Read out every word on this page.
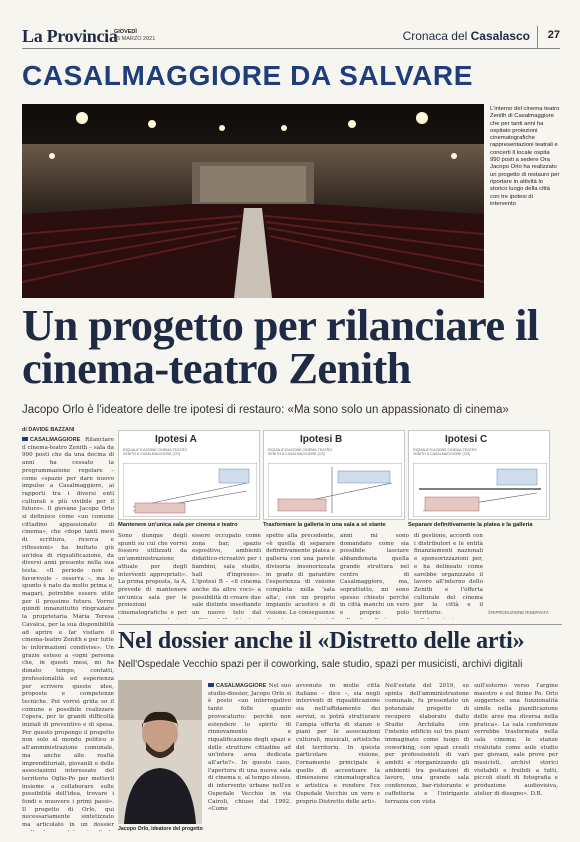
La Provincia
GIOVEDÌ
25 MARZO 2021	Cronaca del Casalasco	27
CASALMAGGIORE DA SALVARE
L'interno del cinema teatro Zenith di Casalmaggiore che per tanti anni ha ospitato proiezioni cinematografiche rappresentazioni teatrali e concerti Il locale ospita 990 posti a sedere Ora Jacopo Orlo ha realizzato un progetto di restauro per riportare in attività lo storico luogo della città con tre ipotesi di intervento
Un progetto per rilanciare il cinema-teatro Zenith
Jacopo Orlo è l'ideatore delle tre ipotesi di restauro: «Ma sono solo un appassionato di cinema»
di DAVIDE BAZZANI
CASALMAGGIORE Rilanciare il cinema-teatro Zenith – sala da 990 posti che da una decina di anni ha cessato la programmazione regolare – come «spazio per dare nuovo impulso a Casalmaggiore, ai rapporti tra i diversi enti culturali e più vivibile per il futuro». Il giovane Jacopo Orlo si definisce come «un comune cittadino appassionato di cinema», che «dopo tanti mesi di scrittura, ricerca e riflessioni» ha buttato giù un'idea di riqualificazione, da diversi anni presente nella sua testa. «Il periodo non è favorevole – osserva –, ma lo spunto è nato da molto prima e, magari, potrebbe essere utile per il prossimo futuro. Vorrei quindi innanzitutto ringraziare la proprietaria Maria Teresa Cavalca, per la sua disponibilità ad aprire e far visitare il cinema-teatro Zenith e per tutte le informazioni condivise». Un grazie esteso a «ogni persona che, in questi mesi, mi ha donato tempo, contatti, professionalità ed esperienza per scrivere queste idee, proposte e competenze tecniche. Poi vorrei grida so il comune e possibile realizzare l'opera, per le grandi difficoltà iniziali di preventivo e di spesa. Per questo propongo il progetto non solo al mondo politico e all'amministrazione comunale, ma anche alle realtà imprenditoriali, giovanili e delle associazioni interessate del territorio Oglio-Po per metterli insieme a collaborare sulle possibilità dell'idea, trovare i fondi e muovere i primi passi». Il progetto di Orlo, qui necessariamente sintetizzato ma articolato in un dossier
Ipotesi A
RIQUALIFICAZIONE CINEMA-TEATRO ZENITH A CASALMAGGIORE (CR)
Ipotesi B
RIQUALIFICAZIONE CINEMA-TEATRO ZENITH A CASALMAGGIORE (CR)
Ipotesi C
RIQUALIFICAZIONE CINEMA-TEATRO ZENITH A CASALMAGGIORE (CR)
Mantenere un'unica sala per cinema e teatro	Trasformare la galleria in una sala a sé stante	Separare definitivamente la platea e la galleria
Sono dunque degli spunti su cui che vorrei fossero utilizzati da un'amministrazione attuale per degli interventi appropriati». La prima proposta, la A, prevede di mantenere un'unica sala per le proiezioni cinematografiche e per
essere occupato come zona bar, spazio espositivo, ambienti didattico-ricreativi per i bambini, sala studio, hall d'ingresso». L'ipotesi B – «il cinema anche da altre voci» a possibilità di creare due sale distinte insediando un nuovo telo dal
spetto alla precedente, «è quella di separare definitivamente platea e galleria con una parete divisoria insonorizzata in grado di garantire l'esperienza di visione completa nella 'sala alta', con un proprio impianto acustico e di visione. Le conseguenze
anni mi sono domandato come sia possibile lasciare abbandonata quella grande struttura nel centro di Casalmaggiore, ma, soprattutto, mi sono spesso chiesto perché in città manchi un vero e proprio polo
di gestione, accordi con i distributori e le entità finanziamenti nazionali e sponsorizzazioni per, e ha delineato come sarebbe organizzato il lavoro all'interno dello Zenith e l'offerta culturale del cinema per la città e il territorio:	©RIPRODUZIONE RISERVATA
Nel dossier anche il «Distretto delle arti»
Nell'Ospedale Vecchio spazi per il coworking, sale studio, spazi per musicisti, archivi digitali
Jacopo Orlo, ideatore del progetto
CASALMAGGIORE Nel suo studio-dossier, Jacopo Orlo si è posto «un interrogativo tanto folle quanto provocatorio: perché non estendere lo spirito di rinnovamento e riqualificazione degli spazi e delle strutture cittadine ad un'intera area dedicata all'arte?». In questo caso, l'apertura di una nuova sala di cinema e, al tempo stesso, di intervento urbane nell'ex Ospedale Vecchio in via Cairoli, chiuso dal 1992. «Come
avvenuto in molte città italiane – dice –, sia negli interventi di riqualificazione sia nell'affidamento dei servizi, si potrà strutturare l'ampia offerta di stanze e piani per le associazioni culturali, musicali, artistiche del territorio. In questa particolare visione, l'ornamento principale è quello di accentuare la dimensione cinematografica e artistica e rendere l'ex Ospedale Vecchio un vero e proprio Distretto delle arti».
Nell'estate del 2019, su spinta dell'amministrazione comunale, fu presentato un potenziale progetto di recupero elaborato dallo Studio Archilabs con l'intento edificio sul tre piani immaginato come luogo di coworking, con spazi creati per professionisti di vari ambiti e riorganizzando gli ambienti tra postazioni di lavoro, una grande sala conferenze, bar-ristorante e caffetteria e l'intrigante terrazza con vista
sull'esterno verso l'argine maestro e sul fiume Po. Orlo suggerisce una funzionalità simile nella pianificazione delle aree ma diversa nella pratica». La sala conferenze verrebbe trasformata nella sala cinema; le stanze rivalutate come aule studio per giovani, sale prove per musicisti, archivi storici visitabili e fruibili a tutti, piccoli studi di fotografia e produzione audiovisiva, atelier di disegno». D.B.
